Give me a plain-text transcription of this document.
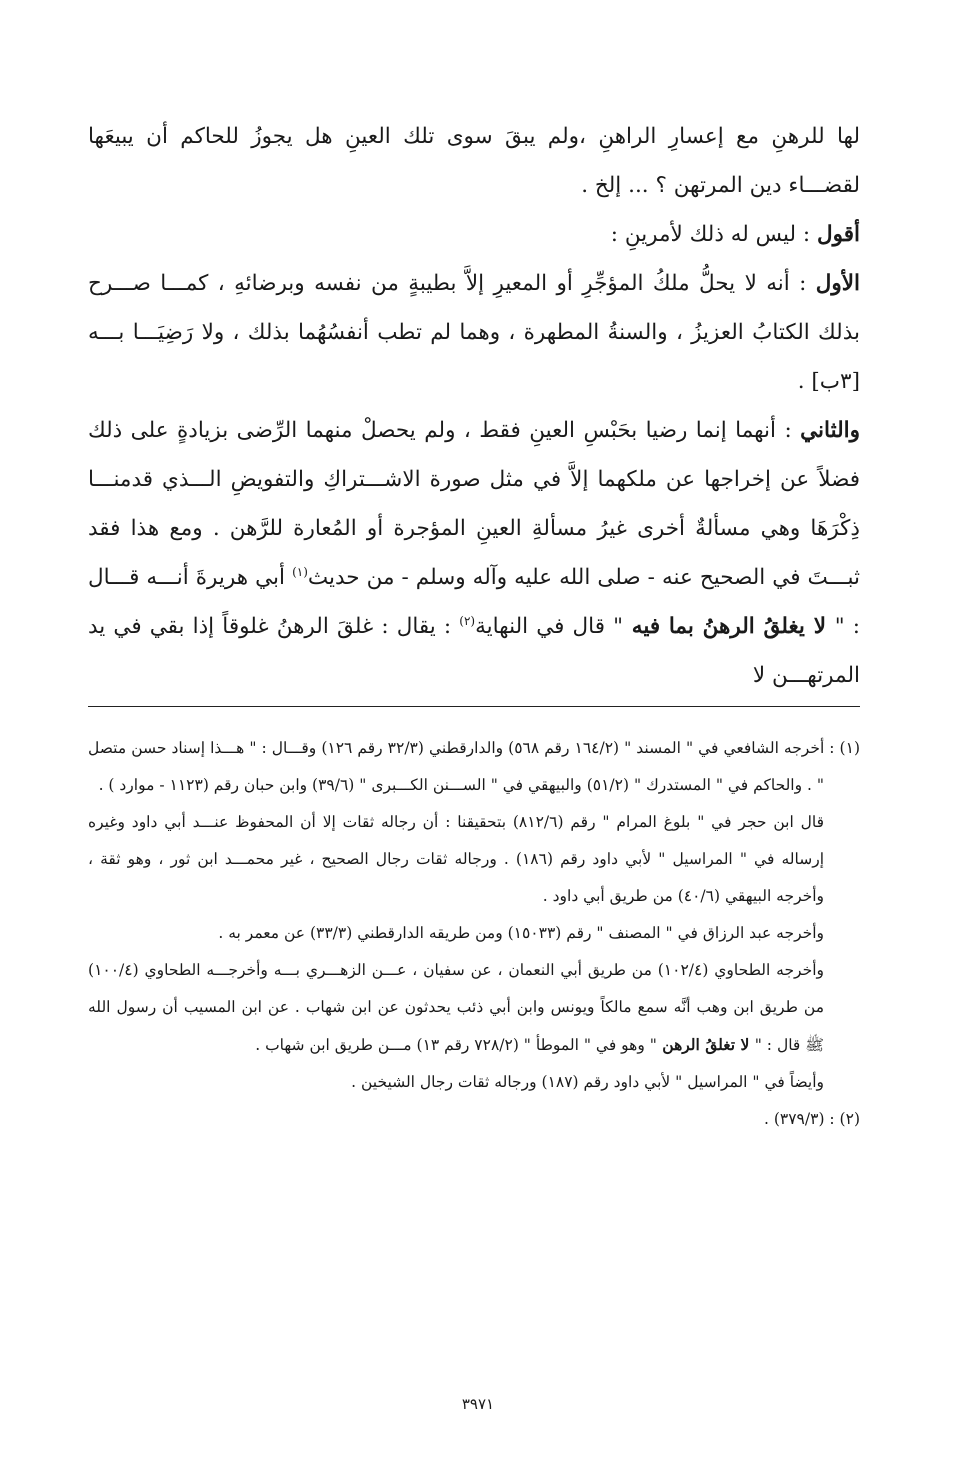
لها للرهنِ مع إعسارِ الراهنِ ،ولم يبقَ سوى تلك العينِ هل يجوزُ للحاكم أن يبيعَها لقضـــاء دين المرتهن ؟ ... إلخ .

أقول : ليس له ذلك لأمرينِ :

الأول : أنه لا يحلُّ ملكُ المؤجِّرِ أو المعيرِ إلاَّ بطيبةٍ من نفسه وبرضائهِ ، كمـــا صـــرح بذلك الكتابُ العزيزُ ، والسنةُ المطهرة ، وهما لم تطب أنفسُهُما بذلك ، ولا رَضِيَـــا بـــه [٣ب] .

والثاني : أنهما إنما رضيا بحَبْسِ العينِ فقط ، ولم يحصلْ منهما الرِّضى بزيادةٍ على ذلك فضلاً عن إخراجها عن ملكهما إلاَّ في مثل صورة الاشـــتراكِ والتفويضِ الـــذي قدمنـــا ذِكْرَهَا وهي مسألةٌ أخرى غيرُ مسألةِ العينِ المؤجرة أو المُعارة للرَّهن . ومع هذا فقد ثبـــتَ في الصحيح عنه - صلى الله عليه وآله وسلم - من حديث$^{(١)}$ أبي هريرةَ أنـــه قـــال : " لا يغلقُ الرهنُ بما فيه " قال في النهاية$^{(٢)}$ : يقال : غلقَ الرهنُ غلوقاً إذا بقي في يد المرتهـــن لا

(١) : أخرجه الشافعي في " المسند " (١٦٤/٢ رقم ٥٦٨) والدارقطني (٣٢/٣ رقم ١٢٦) وقـــال : " هـــذا إسناد حسن متصل " . والحاكم في " المستدرك " (٥١/٢) والبيهقي في " الســـنن الكـــبرى " (٣٩/٦) وابن حبان رقم (١١٢٣ - موارد ) .

قال ابن حجر في " بلوغ المرام " رقم (٨١٢/٦) بتحقيقنا : أن رجاله ثقات إلا أن المحفوظ عنـــد أبي داود وغيره إرساله في " المراسيل " لأبي داود رقم (١٨٦) . ورجاله ثقات رجال الصحيح ، غير محمـــد ابن ثور ، وهو ثقة ، وأخرجه البيهقي (٤٠/٦) من طريق أبي داود .

وأخرجه عبد الرزاق في " المصنف " رقم (١٥٠٣٣) ومن طريقه الدارقطني (٣٣/٣) عن معمر به .

وأخرجه الطحاوي (١٠٢/٤) من طريق أبي النعمان ، عن سفيان ، عـــن الزهـــري بـــه وأخرجـــه الطحاوي (١٠٠/٤) من طريق ابن وهب أنَّه سمع مالكاً ويونس وابن أبي ذئب يحدثون عن ابن شهاب . عن ابن المسيب أن رسول الله ﷺ قال : " لا تغلقُ الرهن " وهو في " الموطأ " (٧٢٨/٢ رقم ١٣) مـــن طريق ابن شهاب .

وأيضاً في " المراسيل " لأبي داود رقم (١٨٧) ورجاله ثقات رجال الشيخين .

(٢) : (٣٧٩/٣) .

٣٩٧١
